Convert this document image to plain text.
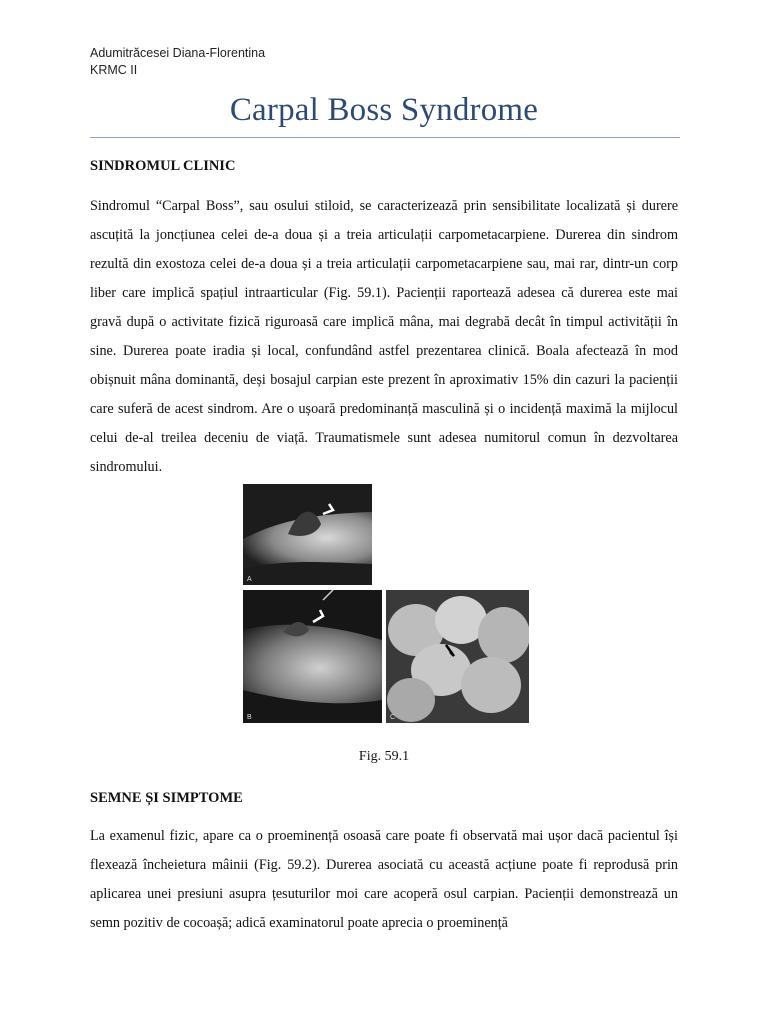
Adumitrăcesei Diana-Florentina
KRMC II
Carpal Boss Syndrome
SINDROMUL CLINIC
Sindromul “Carpal Boss”, sau osului stiloid, se caracterizează prin sensibilitate localizată și durere ascuțită la joncțiunea celei de-a doua și a treia articulații carpometacarpiene. Durerea din sindrom rezultă din exostoza celei de-a doua și a treia articulații carpometacarpiene sau, mai rar, dintr-un corp liber care implică spațiul intraarticular (Fig. 59.1). Pacienții raportează adesea că durerea este mai gravă după o activitate fizică riguroasă care implică mâna, mai degrabă decât în timpul activității în sine. Durerea poate iradia și local, confundând astfel prezentarea clinică. Boala afectează în mod obișnuit mâna dominantă, deși bosajul carpian este prezent în aproximativ 15% din cazuri la pacienții care suferă de acest sindrom. Are o ușoară predominanță masculină și o incidență maximă la mijlocul celui de-al treilea deceniu de viață. Traumatismele sunt adesea numitorul comun în dezvoltarea sindromului.
A
B	C
Fig. 59.1
SEMNE ȘI SIMPTOME
La examenul fizic, apare ca o proeminență osoasă care poate fi observată mai ușor dacă pacientul își flexează încheietura mâinii (Fig. 59.2). Durerea asociată cu această acțiune poate fi reprodusă prin aplicarea unei presiuni asupra țesuturilor moi care acoperă osul carpian. Pacienții demonstrează un semn pozitiv de cocoașă; adică examinatorul poate aprecia o proeminență
